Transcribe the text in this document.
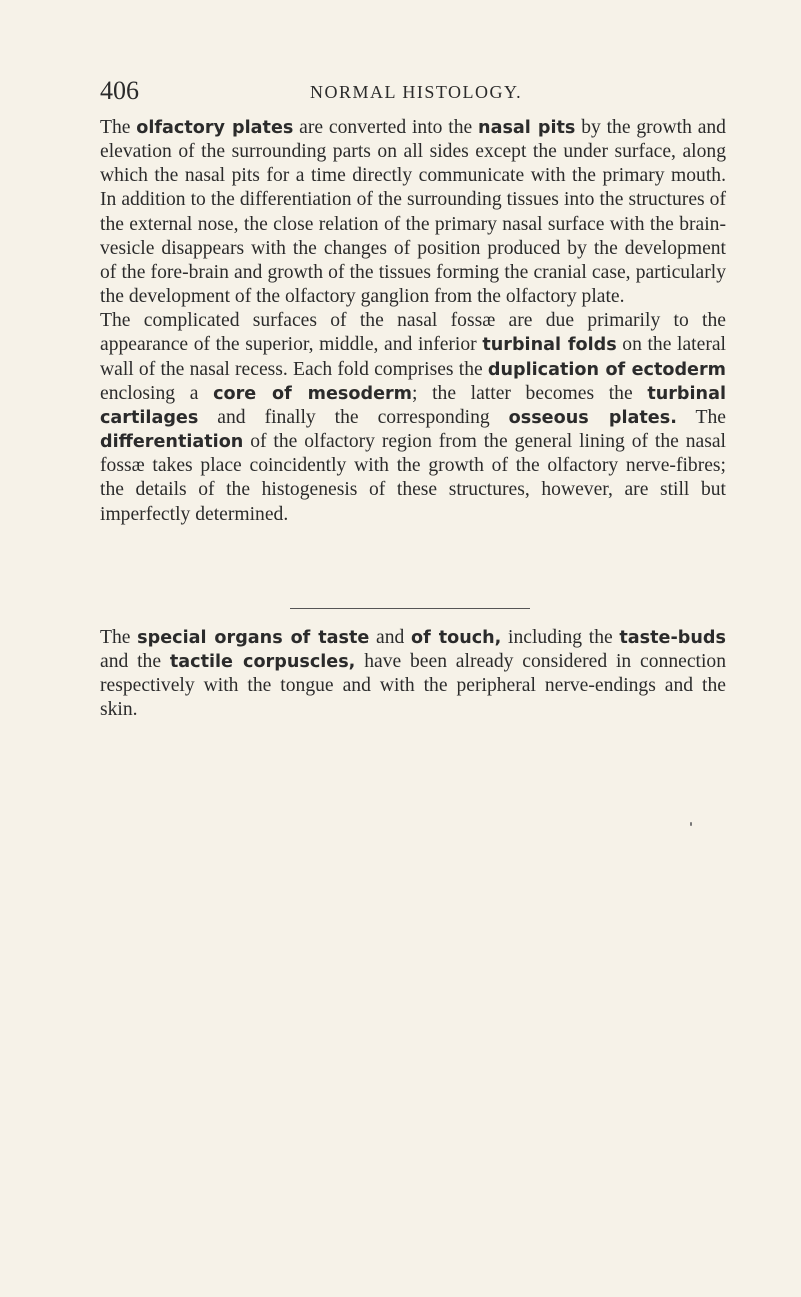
406	NORMAL HISTOLOGY.

The olfactory plates are converted into the nasal pits by the growth and elevation of the surrounding parts on all sides except the under surface, along which the nasal pits for a time directly communicate with the primary mouth. In addition to the differentiation of the surrounding tissues into the structures of the external nose, the close relation of the primary nasal surface with the brain-vesicle disappears with the changes of position produced by the development of the fore-brain and growth of the tissues forming the cranial case, particularly the development of the olfactory ganglion from the olfactory plate.

The complicated surfaces of the nasal fossæ are due primarily to the appearance of the superior, middle, and inferior turbinal folds on the lateral wall of the nasal recess. Each fold comprises the duplication of ectoderm enclosing a core of mesoderm; the latter becomes the turbinal cartilages and finally the corresponding osseous plates. The differentiation of the olfactory region from the general lining of the nasal fossæ takes place coincidently with the growth of the olfactory nerve-fibres; the details of the histogenesis of these structures, however, are still but imperfectly determined.

The special organs of taste and of touch, including the taste-buds and the tactile corpuscles, have been already considered in connection respectively with the tongue and with the peripheral nerve-endings and the skin.
